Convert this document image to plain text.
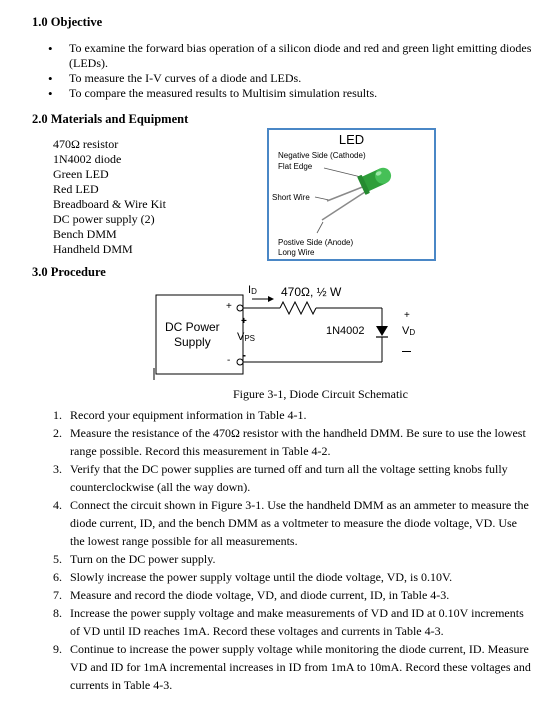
1.0 Objective
• To examine the forward bias operation of a silicon diode and red and green light emitting diodes (LEDs).
• To measure the I-V curves of a diode and LEDs.
• To compare the measured results to Multisim simulation results.
2.0 Materials and Equipment
470Ω resistor
1N4002 diode
Green LED
Red LED
Breadboard & Wire Kit
DC power supply (2)
Bench DMM
Handheld DMM
LED
Negative Side (Cathode)
Flat Edge
Short Wire
Postive Side (Anode)
Long Wire
3.0 Procedure
+
-
DC Power
Supply
+
$V_{PS}$
-
$I_D$ 470Ω, ½ W
1N4002
+
$V_D$
Figure 3-1, Diode Circuit Schematic
1. Record your equipment information in Table 4-1.
2. Measure the resistance of the 470Ω resistor with the handheld DMM. Be sure to use the lowest range possible. Record this measurement in Table 4-2.
3. Verify that the DC power supplies are turned off and turn all the voltage setting knobs fully counterclockwise (all the way down).
4. Connect the circuit shown in Figure 3-1. Use the handheld DMM as an ammeter to measure the diode current, ID, and the bench DMM as a voltmeter to measure the diode voltage, VD. Use the lowest range possible for all measurements.
5. Turn on the DC power supply.
6. Slowly increase the power supply voltage until the diode voltage, VD, is 0.10V.
7. Measure and record the diode voltage, VD, and diode current, ID, in Table 4-3.
8. Increase the power supply voltage and make measurements of VD and ID at 0.10V increments of VD until ID reaches 1mA. Record these voltages and currents in Table 4-3.
9. Continue to increase the power supply voltage while monitoring the diode current, ID. Measure VD and ID for 1mA incremental increases in ID from 1mA to 10mA. Record these voltages and currents in Table 4-3.
